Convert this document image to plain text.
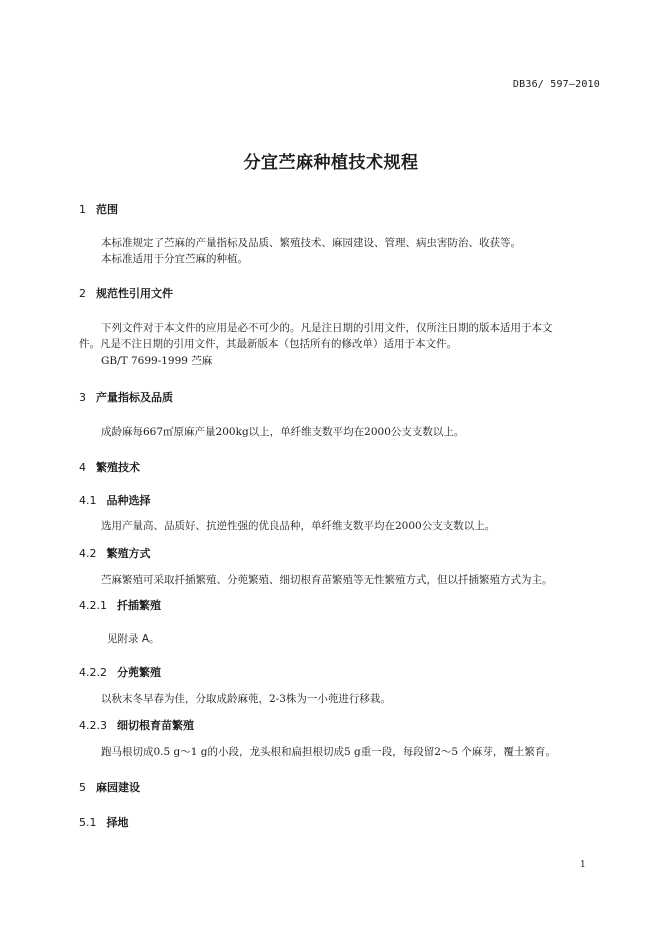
DB36/ 597—2010
分宜苎麻种植技术规程
1 范围
本标准规定了苎麻的产量指标及品质、繁殖技术、麻园建设、管理、病虫害防治、收获等。
本标准适用于分宜苎麻的种植。
2 规范性引用文件
下列文件对于本文件的应用是必不可少的。凡是注日期的引用文件，仅所注日期的版本适用于本文
件。凡是不注日期的引用文件，其最新版本（包括所有的修改单）适用于本文件。
GB/T 7699-1999 苎麻
3 产量指标及品质
成龄麻每667㎡原麻产量200kg以上，单纤维支数平均在2000公支支数以上。
4 繁殖技术
4.1 品种选择
选用产量高、品质好、抗逆性强的优良品种，单纤维支数平均在2000公支支数以上。
4.2 繁殖方式
苎麻繁殖可采取扦插繁殖、分蔸繁殖、细切根育苗繁殖等无性繁殖方式，但以扦插繁殖方式为主。
4.2.1 扦插繁殖
见附录 A。
4.2.2 分蔸繁殖
以秋末冬早春为佳，分取成龄麻蔸，2-3株为一小蔸进行移栽。
4.2.3 细切根育苗繁殖
跑马根切成0.5 g～1 g的小段，龙头根和扁担根切成5 g重一段，每段留2～5 个麻芽，覆土繁育。
5 麻园建设
5.1 择地
1
